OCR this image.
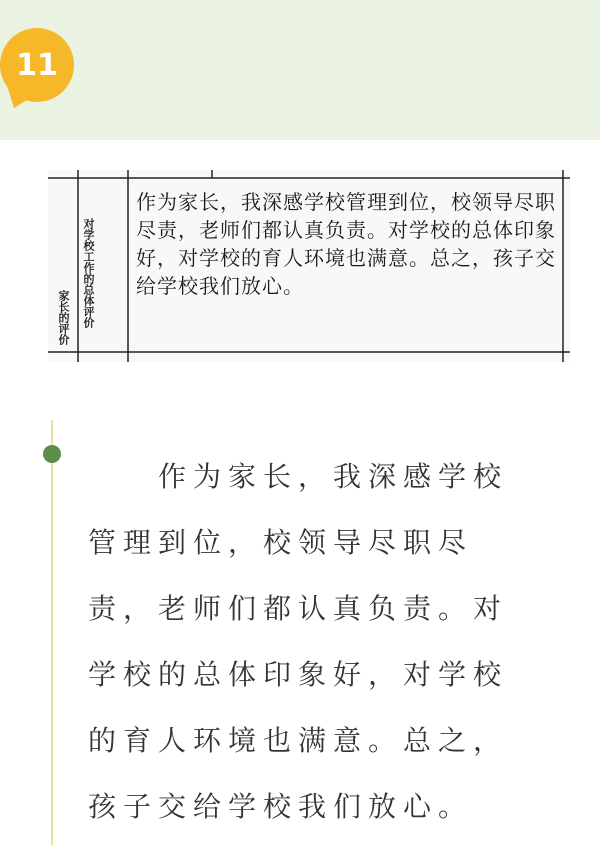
11
家长的评价 对学校工作的总体评价
作为家长，我深感学校管理到位，校领导尽职尽责，老师们都认真负责。对学校的总体印象好，对学校的育人环境也满意。总之，孩子交给学校我们放心。

作为家长，我深感学校管理到位，校领导尽职尽责，老师们都认真负责。对学校的总体印象好，对学校的育人环境也满意。总之，孩子交给学校我们放心。
